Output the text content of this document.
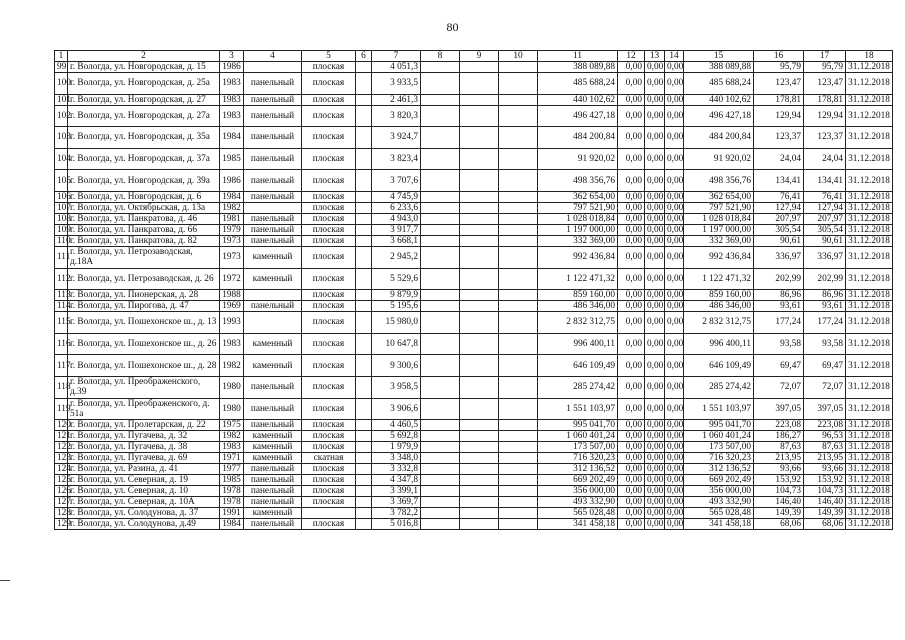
80
1	2	3	4	5	6	7	8	9	10	11	12	13	14	15	16	17	18
99	г. Вологда, ул. Новгородская, д. 15	1986		плоская		4 051,3				388 089,88	0,00	0,00	0,00	388 089,88	95,79	95,79	31.12.2018
100	г. Вологда, ул. Новгородская, д. 25а	1983	панельный	плоская		3 933,5				485 688,24	0,00	0,00	0,00	485 688,24	123,47	123,47	31.12.2018
101	г. Вологда, ул. Новгородская, д. 27	1983	панельный	плоская		2 461,3				440 102,62	0,00	0,00	0,00	440 102,62	178,81	178,81	31.12.2018
102	г. Вологда, ул. Новгородская, д. 27а	1983	панельный	плоская		3 820,3				496 427,18	0,00	0,00	0,00	496 427,18	129,94	129,94	31.12.2018
103	г. Вологда, ул. Новгородская, д. 35а	1984	панельный	плоская		3 924,7				484 200,84	0,00	0,00	0,00	484 200,84	123,37	123,37	31.12.2018
104	г. Вологда, ул. Новгородская, д. 37а	1985	панельный	плоская		3 823,4				91 920,02	0,00	0,00	0,00	91 920,02	24,04	24,04	31.12.2018
105	г. Вологда, ул. Новгородская, д. 39а	1986	панельный	плоская		3 707,6				498 356,76	0,00	0,00	0,00	498 356,76	134,41	134,41	31.12.2018
106	г. Вологда, ул. Новгородская, д. 6	1984	панельный	плоская		4 745,9				362 654,00	0,00	0,00	0,00	362 654,00	76,41	76,41	31.12.2018
107	г. Вологда, ул. Октябрьская, д. 13а	1982		плоская		6 233,6				797 521,90	0,00	0,00	0,00	797 521,90	127,94	127,94	31.12.2018
108	г. Вологда, ул. Панкратова, д. 46	1981	панельный	плоская		4 943,0				1 028 018,84	0,00	0,00	0,00	1 028 018,84	207,97	207,97	31.12.2018
109	г. Вологда, ул. Панкратова, д. 66	1979	панельный	плоская		3 917,7				1 197 000,00	0,00	0,00	0,00	1 197 000,00	305,54	305,54	31.12.2018
110	г. Вологда, ул. Панкратова, д. 82	1973	панельный	плоская		3 668,1				332 369,00	0,00	0,00	0,00	332 369,00	90,61	90,61	31.12.2018
111	г. Вологда, ул. Петрозаводская, д.18А	1973	каменный	плоская		2 945,2				992 436,84	0,00	0,00	0,00	992 436,84	336,97	336,97	31.12.2018
112	г. Вологда, ул. Петрозаводская, д. 26	1972	каменный	плоская		5 529,6				1 122 471,32	0,00	0,00	0,00	1 122 471,32	202,99	202,99	31.12.2018
113	г. Вологда, ул. Пионерская, д. 28	1988		плоская		9 879,9				859 160,00	0,00	0,00	0,00	859 160,00	86,96	86,96	31.12.2018
114	г. Вологда, ул. Пирогова, д. 47	1969	панельный	плоская		5 195,6				486 346,00	0,00	0,00	0,00	486 346,00	93,61	93,61	31.12.2018
115	г. Вологда, ул. Пошехонское ш., д. 13	1993		плоская		15 980,0				2 832 312,75	0,00	0,00	0,00	2 832 312,75	177,24	177,24	31.12.2018
116	г. Вологда, ул. Пошехонское ш., д. 26	1983	каменный	плоская		10 647,8				996 400,11	0,00	0,00	0,00	996 400,11	93,58	93,58	31.12.2018
117	г. Вологда, ул. Пошехонское ш., д. 28	1982	каменный	плоская		9 300,6				646 109,49	0,00	0,00	0,00	646 109,49	69,47	69,47	31.12.2018
118	г. Вологда, ул. Преображенского, д.39	1980	панельный	плоская		3 958,5				285 274,42	0,00	0,00	0,00	285 274,42	72,07	72,07	31.12.2018
119	г. Вологда, ул. Преображенского, д. 51а	1980	панельный	плоская		3 906,6				1 551 103,97	0,00	0,00	0,00	1 551 103,97	397,05	397,05	31.12.2018
120	г. Вологда, ул. Пролетарская, д. 22	1975	панельный	плоская		4 460,5				995 041,70	0,00	0,00	0,00	995 041,70	223,08	223,08	31.12.2018
121	г. Вологда, ул. Пугачева, д. 32	1982	каменный	плоская		5 692,8				1 060 401,24	0,00	0,00	0,00	1 060 401,24	186,27	96,53	31.12.2018
122	г. Вологда, ул. Пугачева, д. 38	1983	каменный	плоская		1 979,9				173 507,00	0,00	0,00	0,00	173 507,00	87,63	87,63	31.12.2018
123	г. Вологда, ул. Пугачева, д. 69	1971	каменный	скатная		3 348,0				716 320,23	0,00	0,00	0,00	716 320,23	213,95	213,95	31.12.2018
124	г. Вологда, ул. Разина, д. 41	1977	панельный	плоская		3 332,8				312 136,52	0,00	0,00	0,00	312 136,52	93,66	93,66	31.12.2018
125	г. Вологда, ул. Северная, д. 19	1985	панельный	плоская		4 347,8				669 202,49	0,00	0,00	0,00	669 202,49	153,92	153,92	31.12.2018
126	г. Вологда, ул. Северная, д. 10	1978	панельный	плоская		3 399,1				356 000,00	0,00	0,00	0,00	356 000,00	104,73	104,73	31.12.2018
127	г. Вологда, ул. Северная, д. 10А	1978	панельный	плоская		3 369,7				493 332,90	0,00	0,00	0,00	493 332,90	146,40	146,40	31.12.2018
128	г. Вологда, ул. Солодунова, д. 37	1991	каменный			3 782,2				565 028,48	0,00	0,00	0,00	565 028,48	149,39	149,39	31.12.2018
129	г. Вологда, ул. Солодунова, д.49	1984	панельный	плоская		5 016,8				341 458,18	0,00	0,00	0,00	341 458,18	68,06	68,06	31.12.2018
